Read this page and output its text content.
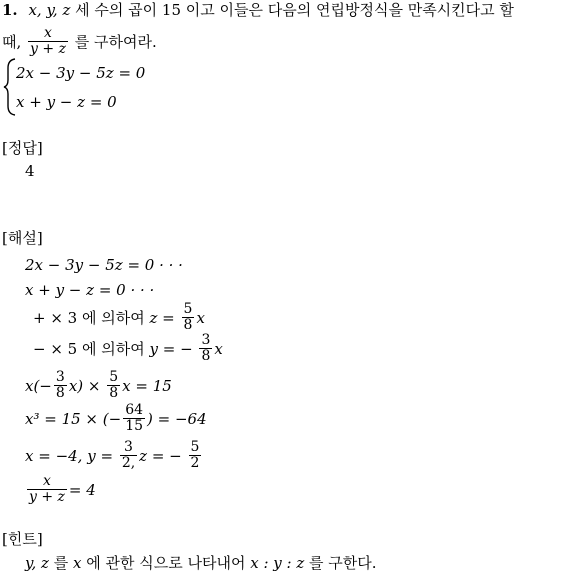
1. x, y, z 세 수의 곱이 15 이고 이들은 다음의 연립방정식을 만족시킨다고 할
때, $\frac{x}{y + z}$ 를 구하여라.
2x − 3y − 5z = 0
x + y − z = 0
[정답]
4
[해설]
2x − 3y − 5z = 0 · · ·
x + y − z = 0 · · ·
+ × 3 에 의하여 $z = \frac{5}{8}$ x
− × 5 에 의하여 y = − $\frac{3}{8}$ x
$x(- \frac{3}{8} x) \times \frac{5}{8}$ x = 15
x³ = 15 × (− $\frac{64}{15}$ ) = −64
x = −4, $y = \frac{3}{2,}$ z = − $\frac{5}{2}$
$\frac{x}{y + z} = 4$
[힌트]
y, z 를 x 에 관한 식으로 나타내어 x : y : z 를 구한다.
